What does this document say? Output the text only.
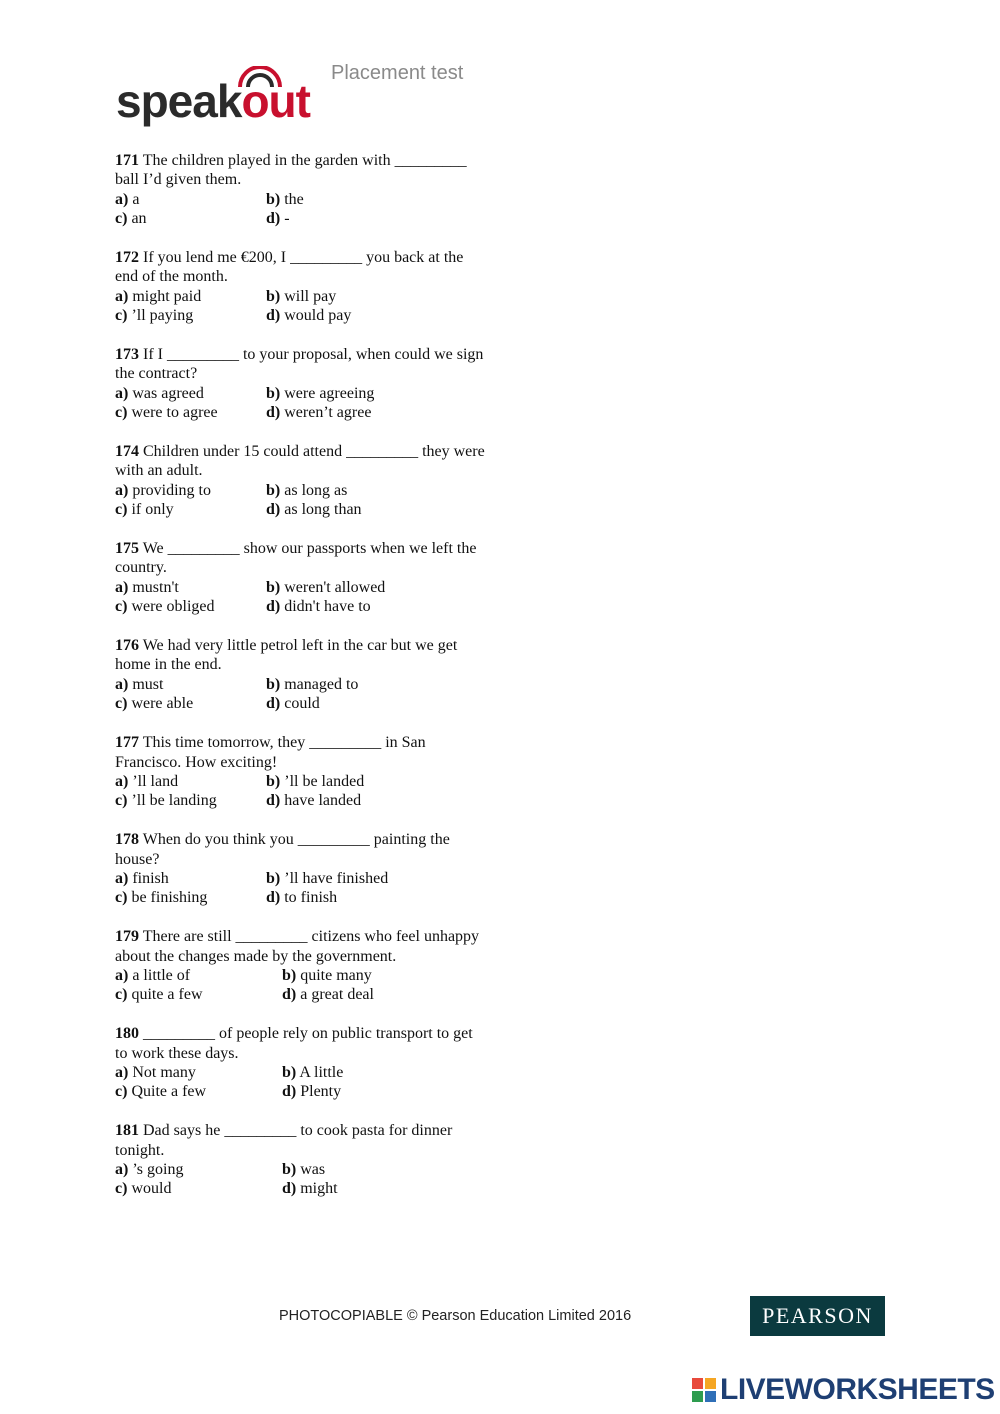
speakout
Placement test

171 The children played in the garden with _________ ball I’d given them.

a) a	b) the
c) an	d) -

172 If you lend me €200, I _________ you back at the end of the month.

a) might paid	b) will pay
c) ’ll paying	d) would pay

173 If I _________ to your proposal, when could we sign the contract?

a) was agreed	b) were agreeing
c) were to agree	d) weren’t agree

174 Children under 15 could attend _________ they were with an adult.

a) providing to	b) as long as
c) if only	d) as long than

175 We _________ show our passports when we left the country.

a) mustn't	b) weren't allowed
c) were obliged	d) didn't have to

176 We had very little petrol left in the car but we get home in the end.

a) must	b) managed to
c) were able	d) could

177 This time tomorrow, they _________ in San Francisco. How exciting!

a) ’ll land	b) ’ll be landed
c) ’ll be landing	d) have landed

178 When do you think you _________ painting the house?

a) finish	b) ’ll have finished
c) be finishing	d) to finish

179 There are still _________ citizens who feel unhappy about the changes made by the government.

a) a little of	b) quite many
c) quite a few	d) a great deal

180 _________ of people rely on public transport to get to work these days.

a) Not many	b) A little
c) Quite a few	d) Plenty

181 Dad says he _________ to cook pasta for dinner tonight.

a) ’s going	b) was
c) would	d) might
PHOTOCOPIABLE © Pearson Education Limited 2016	PEARSON
LIVEWORKSHEETS
